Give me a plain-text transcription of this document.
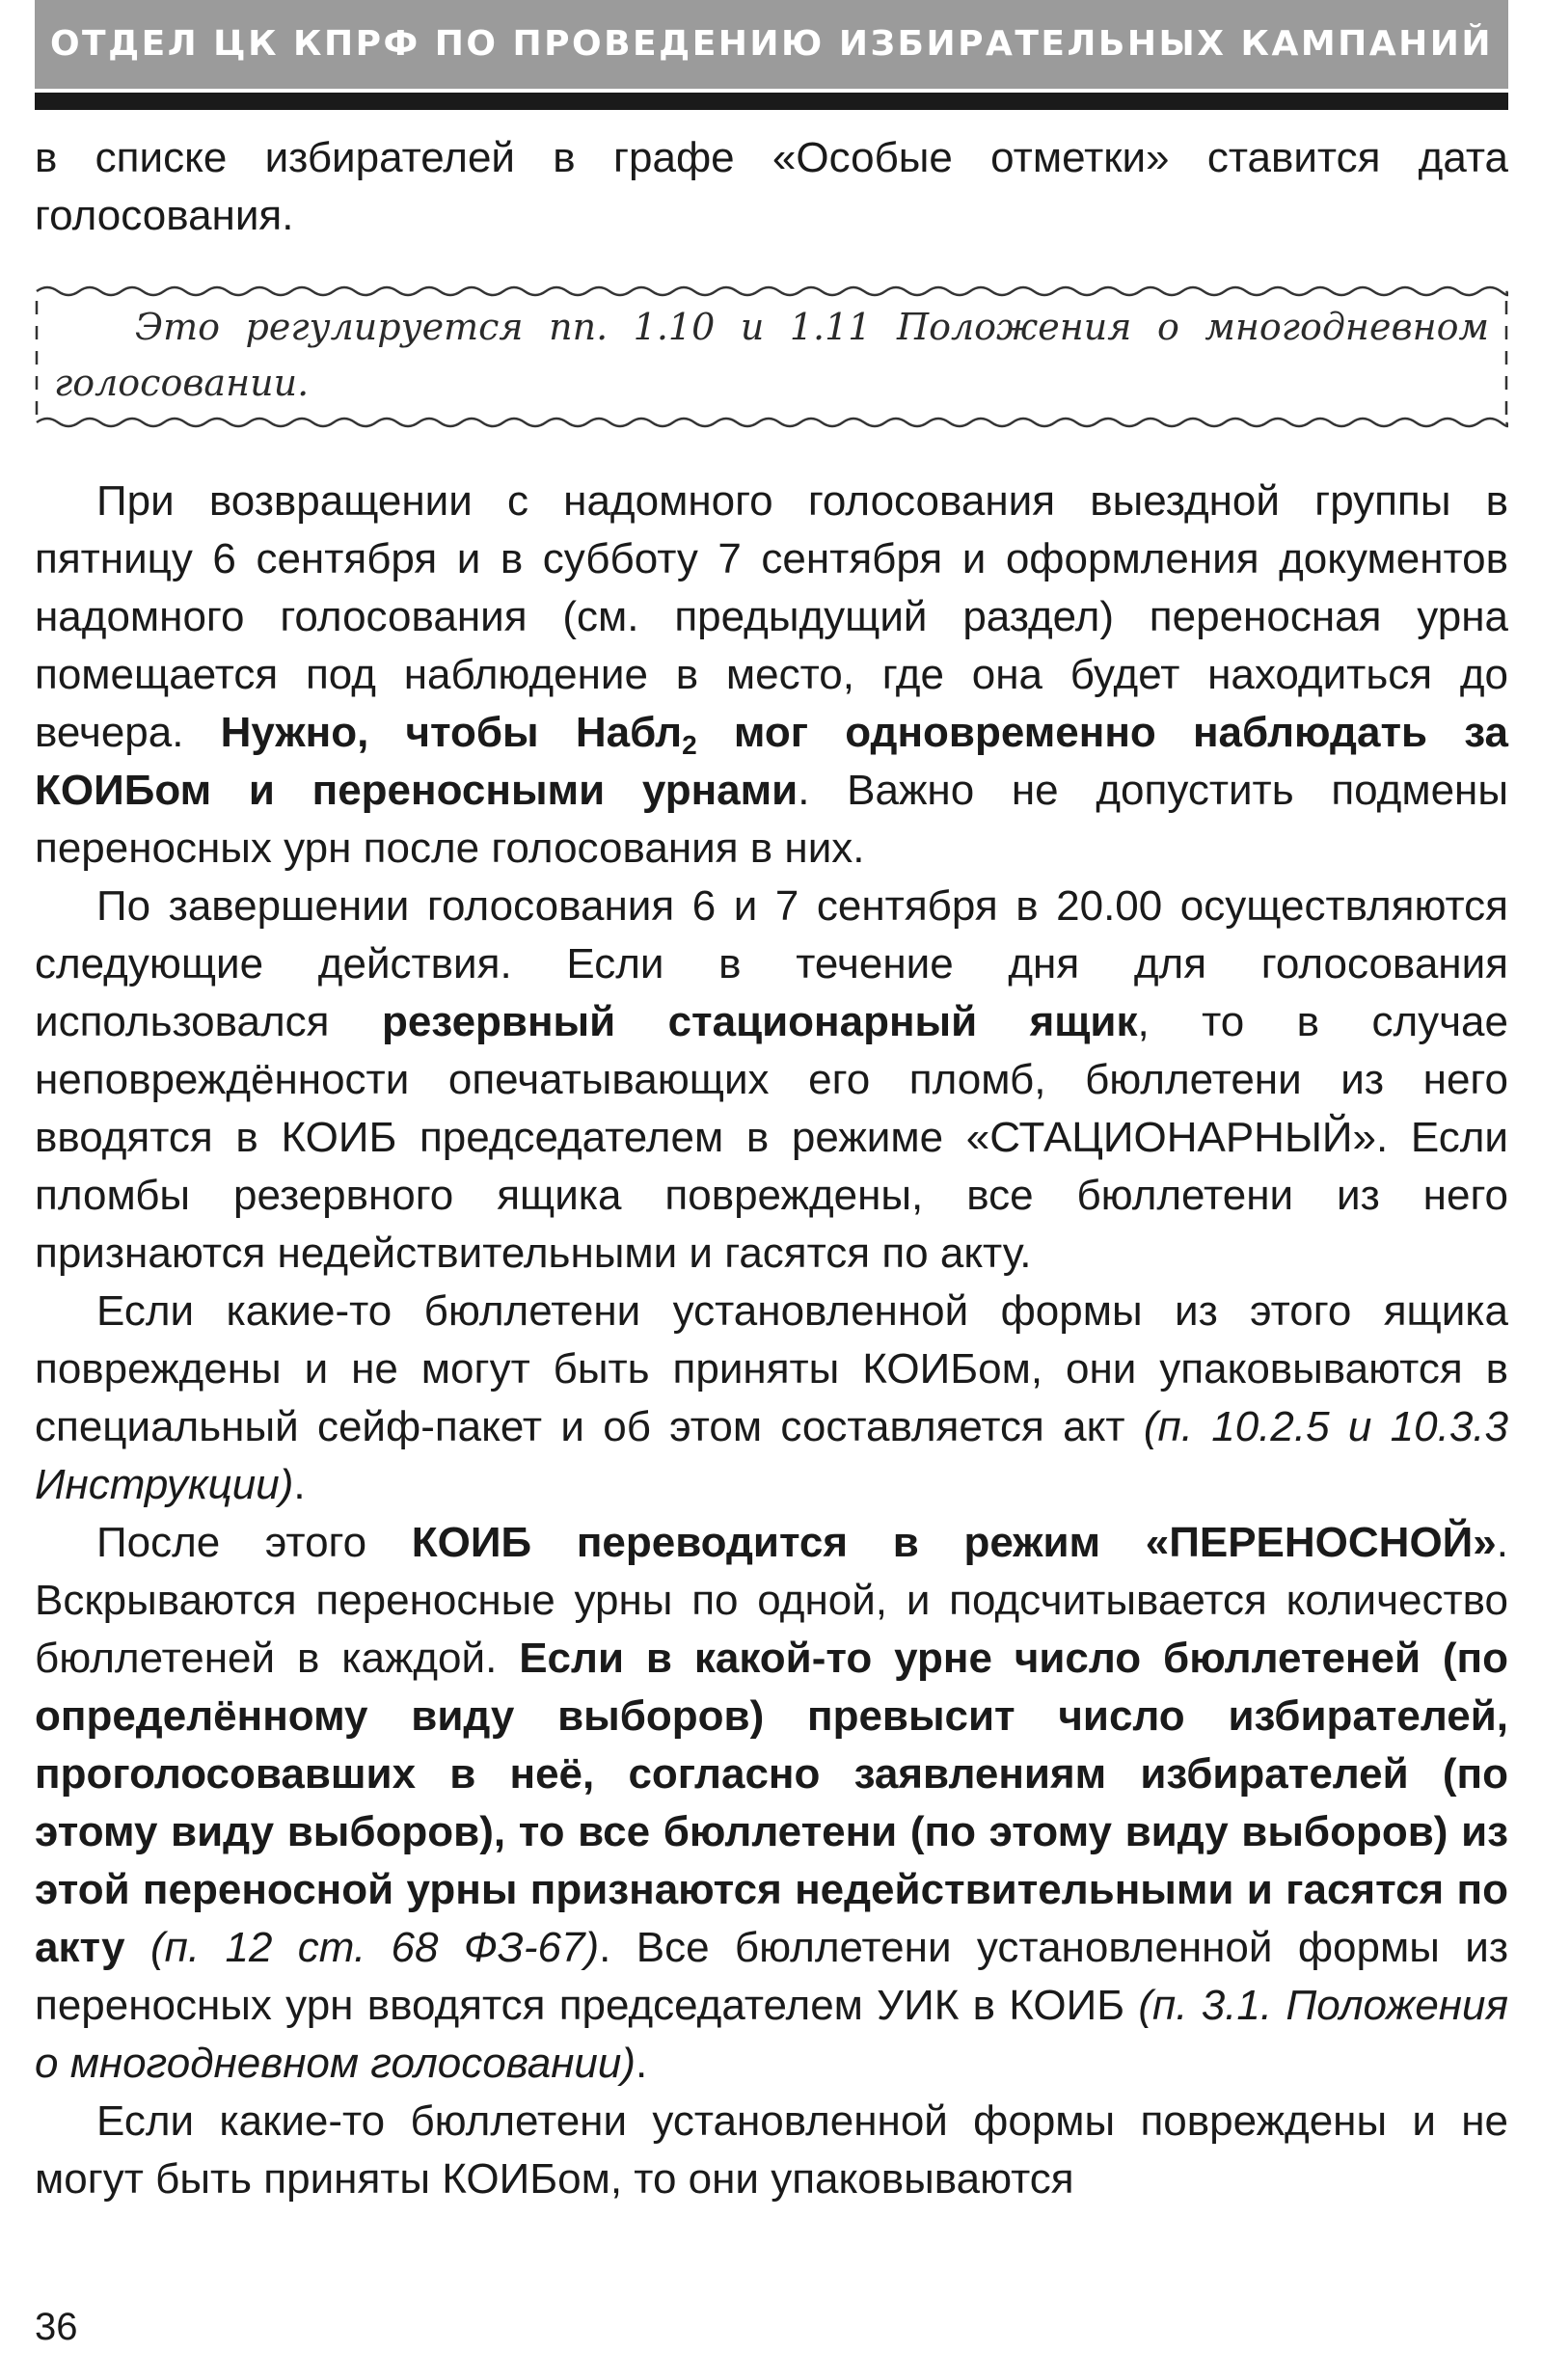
ОТДЕЛ ЦК КПРФ ПО ПРОВЕДЕНИЮ ИЗБИРАТЕЛЬНЫХ КАМПАНИЙ

в списке избирателей в графе «Особые отметки» ставится дата голосования.

Это регулируется пп. 1.10 и 1.11 Положения о многодневном голосовании.

При возвращении с надомного голосования выездной группы в пятницу 6 сентября и в субботу 7 сентября и оформления документов надомного голосования (см. предыдущий раздел) переносная урна помещается под наблюдение в место, где она будет находиться до вечера. Нужно, чтобы Набл$_2$ мог одновременно наблюдать за КОИБом и переносными урнами. Важно не допустить подмены переносных урн после голосования в них.

По завершении голосования 6 и 7 сентября в 20.00 осуществляются следующие действия. Если в течение дня для голосования использовался резервный стационарный ящик, то в случае неповреждённости опечатывающих его пломб, бюллетени из него вводятся в КОИБ председателем в режиме «СТАЦИОНАРНЫЙ». Если пломбы резервного ящика повреждены, все бюллетени из него признаются недействительными и гасятся по акту.

Если какие-то бюллетени установленной формы из этого ящика повреждены и не могут быть приняты КОИБом, они упаковываются в специальный сейф-пакет и об этом составляется акт (п. 10.2.5 и 10.3.3 Инструкции).

После этого КОИБ переводится в режим «ПЕРЕНОСНОЙ». Вскрываются переносные урны по одной, и подсчитывается количество бюллетеней в каждой. Если в какой-то урне число бюллетеней (по определённому виду выборов) превысит число избирателей, проголосовавших в неё, согласно заявлениям избирателей (по этому виду выборов), то все бюллетени (по этому виду выборов) из этой переносной урны признаются недействительными и гасятся по акту (п. 12 ст. 68 ФЗ-67). Все бюллетени установленной формы из переносных урн вводятся председателем УИК в КОИБ (п. 3.1. Положения о многодневном голосовании).

Если какие-то бюллетени установленной формы повреждены и не могут быть приняты КОИБом, то они упаковываются

36
